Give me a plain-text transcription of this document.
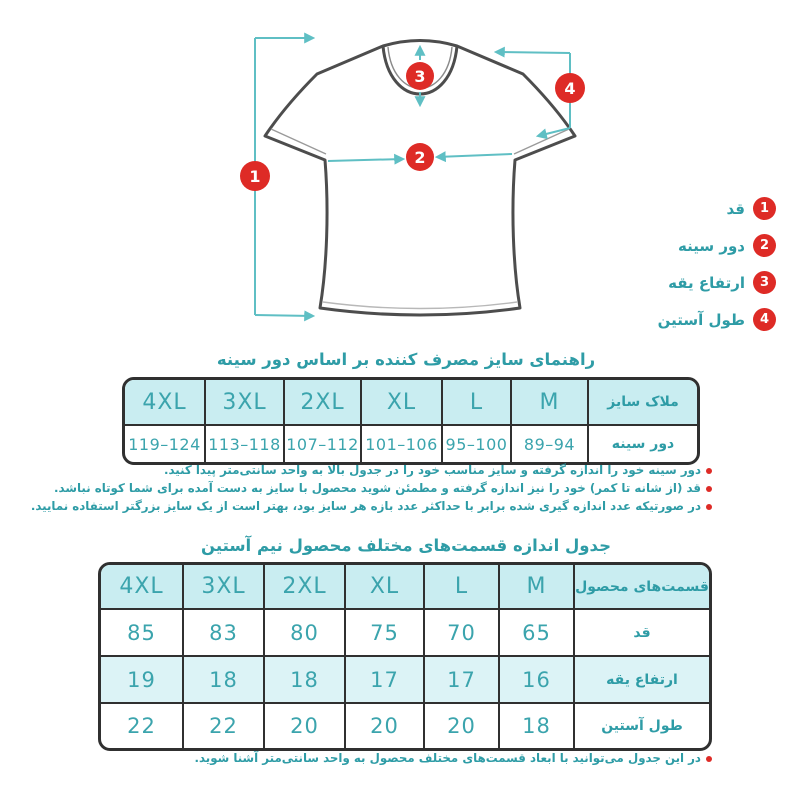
1
2
3
4
قد	1
دور سینه	2
ارتفاع یقه	3
طول آستین	4
راهنمای سایز مصرف کننده بر اساس دور سینه
4XL 3XL 2XL XL L	M	ملاک سایز
119–124 113–118 107–112 101–106 95–100 89–94	دور سینه
دور سینه خود را اندازه گرفته و سایز مناسب خود را در جدول بالا به واحد سانتی‌متر پیدا کنید.
قد (از شانه تا کمر) خود را نیز اندازه گرفته و مطمئن شوید محصول با سایز به دست آمده برای شما کوتاه نباشد.
در صورتیکه عدد اندازه گیری شده برابر با حداکثر عدد بازه هر سایز بود، بهتر است از یک سایز بزرگتر استفاده نمایید.
جدول اندازه قسمت‌های مختلف محصول نیم آستین
4XL 3XL 2XL XL	L	M قسمت‌های محصول
85	83 80 75 70 65	قد
19	18 18 17 17 16	ارتفاع یقه
22	22 20 20 20 18	طول آستین
در این جدول می‌توانید با ابعاد قسمت‌های مختلف محصول به واحد سانتی‌متر آشنا شوید.
